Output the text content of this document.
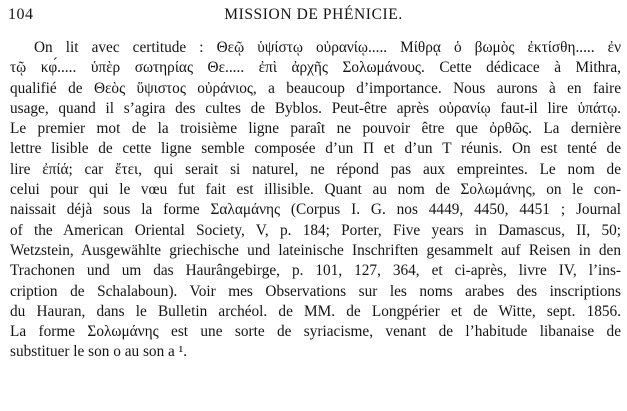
104	MISSION DE PHÉNICIE.
On lit avec certitude : Θεῷ ὑψίστῳ οὐρανίῳ..... Μίθρᾳ ὁ βωμὸς ἐκτίσθη..... ἐν
τῷ κφ́..... ὑπὲρ σωτηρίας Θε..... ἐπὶ ἀρχῆς Σολωμάνους. Cette dédicace à Mithra,
qualifié de Θεὸς ὕψιστος οὐράνιος, a beaucoup d’importance. Nous aurons à en faire
usage, quand il s’agira des cultes de Byblos. Peut-être après οὐρανίῳ faut-il lire ὑπάτῳ.
Le premier mot de la troisième ligne paraît ne pouvoir être que ὀρθῶς. La dernière
lettre lisible de cette ligne semble composée d’un Π et d’un Τ réunis. On est tenté de
lire ἐπίά; car ἔτει, qui serait si naturel, ne répond pas aux empreintes. Le nom de
celui pour qui le vœu fut fait est illisible. Quant au nom de Σολωμάνης, on le con-
naissait déjà sous la forme Σαλαμάνης (Corpus I. G. nos 4449, 4450, 4451 ; Journal
of the American Oriental Society, V, p. 184; Porter, Five years in Damascus, II, 50;
Wetzstein, Ausgewählte griechische und lateinische Inschriften gesammelt auf Reisen in den
Trachonen und um das Haurângebirge, p. 101, 127, 364, et ci-après, livre IV, l’ins-
cription de Schalaboun). Voir mes Observations sur les noms arabes des inscriptions
du Hauran, dans le Bulletin archéol. de MM. de Longpérier et de Witte, sept. 1856.
La forme Σολωμάνης est une sorte de syriacisme, venant de l’habitude libanaise de
substituer le son o au son a ¹.
